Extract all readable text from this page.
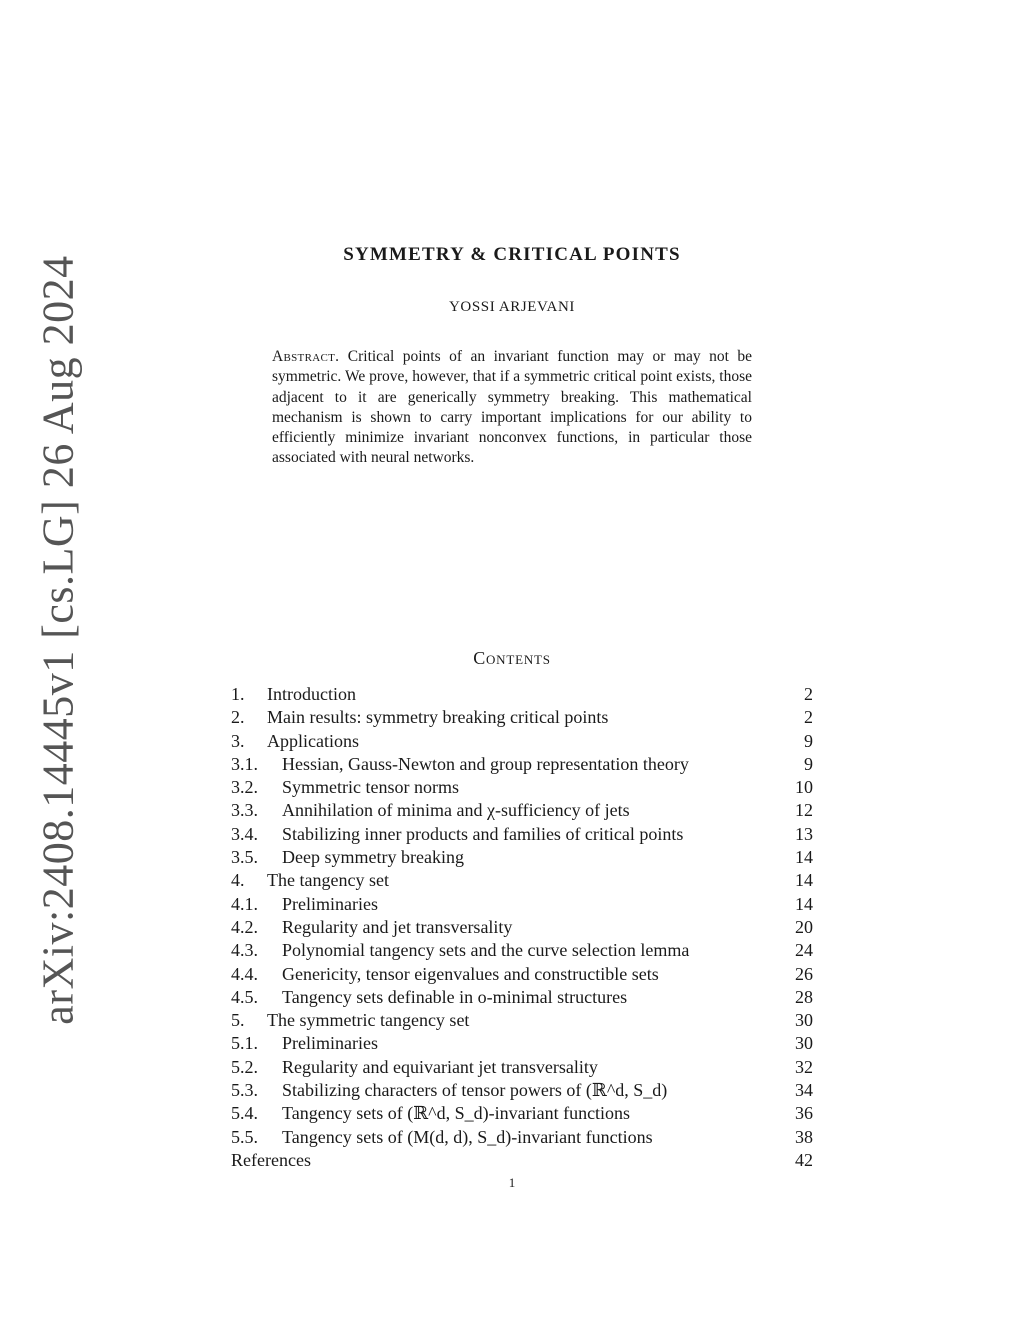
arXiv:2408.14445v1 [cs.LG] 26 Aug 2024
SYMMETRY & CRITICAL POINTS
YOSSI ARJEVANI
Abstract. Critical points of an invariant function may or may not be symmetric. We prove, however, that if a symmetric critical point exists, those adjacent to it are generically symmetry breaking. This mathematical mechanism is shown to carry important implications for our ability to efficiently minimize invariant nonconvex functions, in particular those associated with neural networks.
Contents
1. Introduction	2
2. Main results: symmetry breaking critical points	2
3. Applications	9
3.1. Hessian, Gauss-Newton and group representation theory	9
3.2. Symmetric tensor norms	10
3.3. Annihilation of minima and χ-sufficiency of jets	12
3.4. Stabilizing inner products and families of critical points	13
3.5. Deep symmetry breaking	14
4. The tangency set	14
4.1. Preliminaries	14
4.2. Regularity and jet transversality	20
4.3. Polynomial tangency sets and the curve selection lemma	24
4.4. Genericity, tensor eigenvalues and constructible sets	26
4.5. Tangency sets definable in o-minimal structures	28
5. The symmetric tangency set	30
5.1. Preliminaries	30
5.2. Regularity and equivariant jet transversality	32
5.3. Stabilizing characters of tensor powers of (ℝ^d, S_d)	34
5.4. Tangency sets of (ℝ^d, S_d)-invariant functions	36
5.5. Tangency sets of (M(d, d), S_d)-invariant functions	38
References	42
1
